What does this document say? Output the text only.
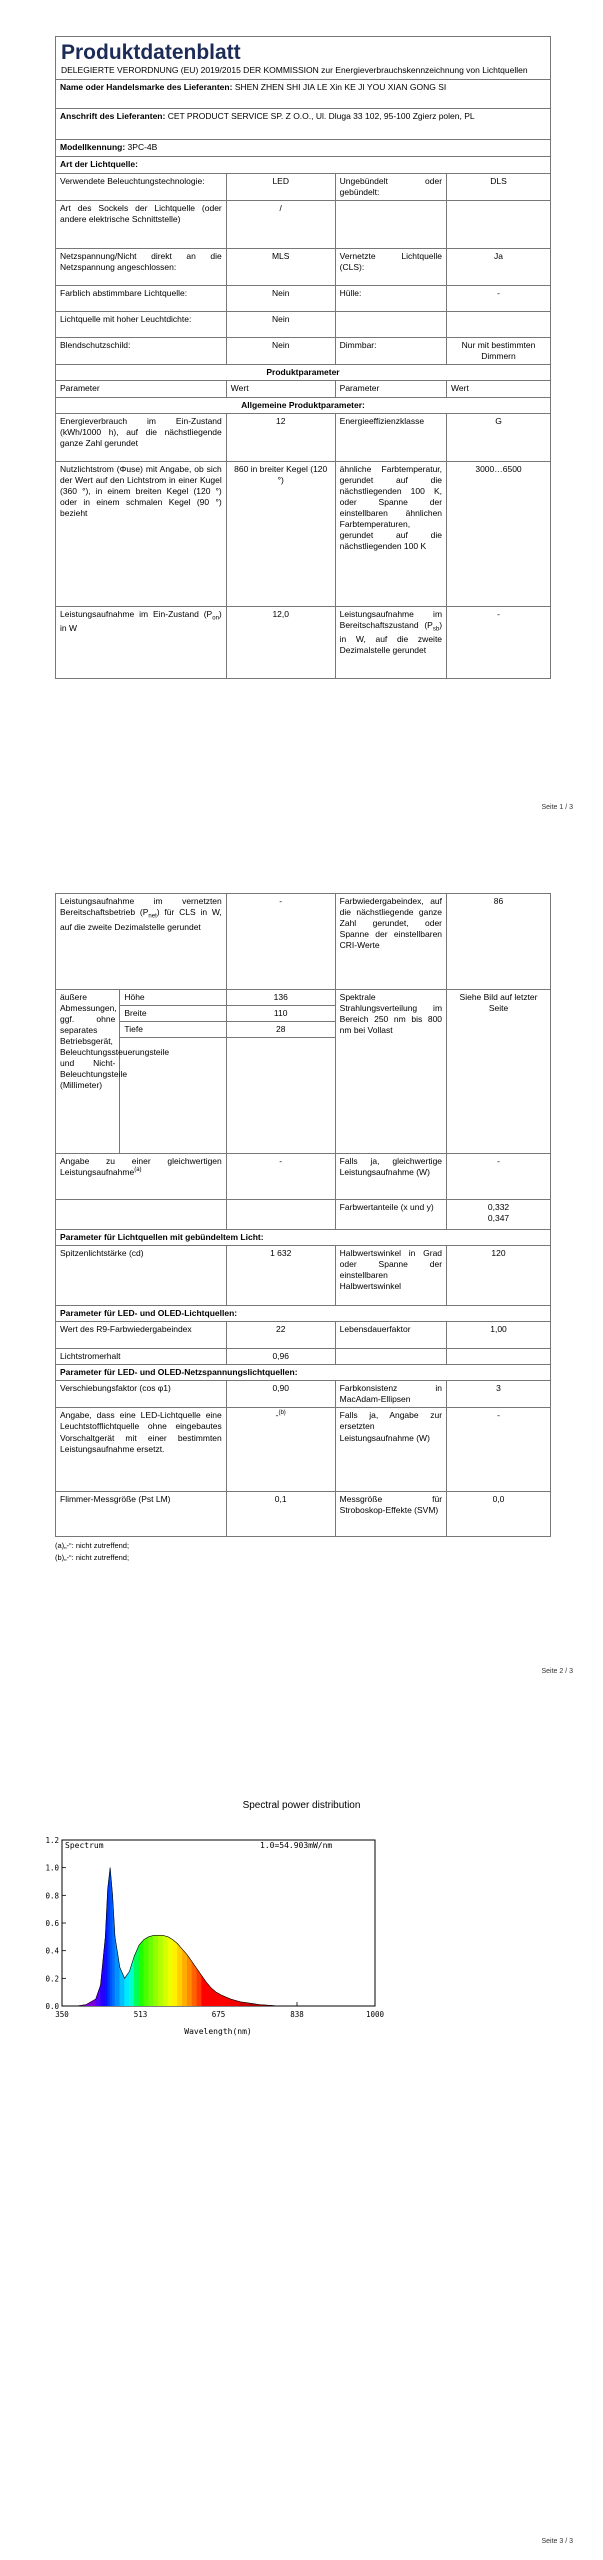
Produktdatenblatt
DELEGIERTE VERORDNUNG (EU) 2019/2015 DER KOMMISSION zur Energieverbrauchskennzeichnung von Lichtquellen

Name oder Handelsmarke des Lieferanten: SHEN ZHEN SHI JIA LE Xin KE JI YOU XIAN GONG SI
Anschrift des Lieferanten: CET PRODUCT SERVICE SP. Z O.O., Ul. Dluga 33 102, 95-100 Zgierz polen, PL
Modellkennung: 3PC-4B
Art der Lichtquelle:
Verwendete Beleuchtungstechnologie:	LED	Ungebündelt oder gebündelt:	DLS
Art des Sockels der Lichtquelle (oder andere elektrische Schnittstelle)	/		
Netzspannung/Nicht direkt an die Netzspannung angeschlossen:	MLS	Vernetzte Lichtquelle (CLS):	Ja
Farblich abstimmbare Lichtquelle:	Nein	Hülle:	-
Lichtquelle mit hoher Leuchtdichte:	Nein		
Blendschutzschild:	Nein	Dimmbar:	Nur mit bestimmten Dimmern
Produktparameter			
Parameter	Wert	Parameter	Wert
Allgemeine Produktparameter:			
Energieverbrauch im Ein-Zustand (kWh/1000 h), auf die nächstliegende ganze Zahl gerundet	12	Energieeffizienzklasse	G
Nutzlichtstrom (Φuse) mit Angabe, ob sich der Wert auf den Lichtstrom in einer Kugel (360 °), in einem breiten Kegel (120 °) oder in einem schmalen Kegel (90 °) bezieht	860 in breiter Kegel (120 °)	ähnliche Farbtemperatur, gerundet auf die nächstliegenden 100 K, oder Spanne der einstellbaren ähnlichen Farbtemperaturen, gerundet auf die nächstliegenden 100 K	3000…6500
Leistungsaufnahme im Ein-Zustand $(P_{on})$ in W	12,0	Leistungsaufnahme im Bereitschaftszustand $(P_{sb})$ in W, auf die zweite Dezimalstelle gerundet	-
Seite 1 / 3
Leistungsaufnahme im vernetzten Bereitschaftsbetrieb $(P_{net})$ für CLS in W, auf die zweite Dezimalstelle gerundet		-	Farbwiedergabeindex, auf die nächstliegende ganze Zahl gerundet, oder Spanne der einstellbaren CRI-Werte	86
äußere Abmessungen, ggf. ohne separates Betriebsgerät, Beleuchtungssteuerungsteile und Nicht-Beleuchtungsteile (Millimeter)	Höhe	136	Spektrale Strahlungsverteilung im Bereich 250 nm bis 800 nm bei Vollast	Siehe Bild auf letzter Seite
	Breite	110		
	Tiefe	28		

Angabe zu einer gleichwertigen Leistungsaufnahme$^{(a)}$		-	Falls ja, gleichwertige Leistungsaufnahme (W)	-
			Farbwertanteile (x und y)	0,332
0,347

Parameter für Lichtquellen mit gebündeltem Licht:				
Spitzenlichtstärke (cd)		1 632	Halbwertswinkel in Grad oder Spanne der einstellbaren Halbwertswinkel	120
Parameter für LED- und OLED-Lichtquellen:				
Wert des R9-Farbwiedergabeindex		22	Lebensdauerfaktor	1,00
Lichtstromerhalt		0,96		
Parameter für LED- und OLED-Netzspannungslichtquellen:				
Verschiebungsfaktor (cos φ1)		0,90	Farbkonsistenz in MacAdam-Ellipsen	3
Angabe, dass eine LED-Lichtquelle eine Leuchtstofflichtquelle ohne eingebautes Vorschaltgerät mit einer bestimmten Leistungsaufnahme ersetzt.		-$^{(b)}$	Falls ja, Angabe zur ersetzten Leistungsaufnahme (W)	-
Flimmer-Messgröße (Pst LM)		0,1	Messgröße für Stroboskop-Effekte (SVM)	0,0
(a)„-“: nicht zutreffend;
(b)„-“: nicht zutreffend;
Seite 2 / 3
Spectral power distribution
Spectrum	1.0=54.903mW/nm
0.0
0.2
0.4
0.6
0.8
1.0
1.2
350	513	675	838	1000
Wavelength(nm)
Seite 3 / 3
